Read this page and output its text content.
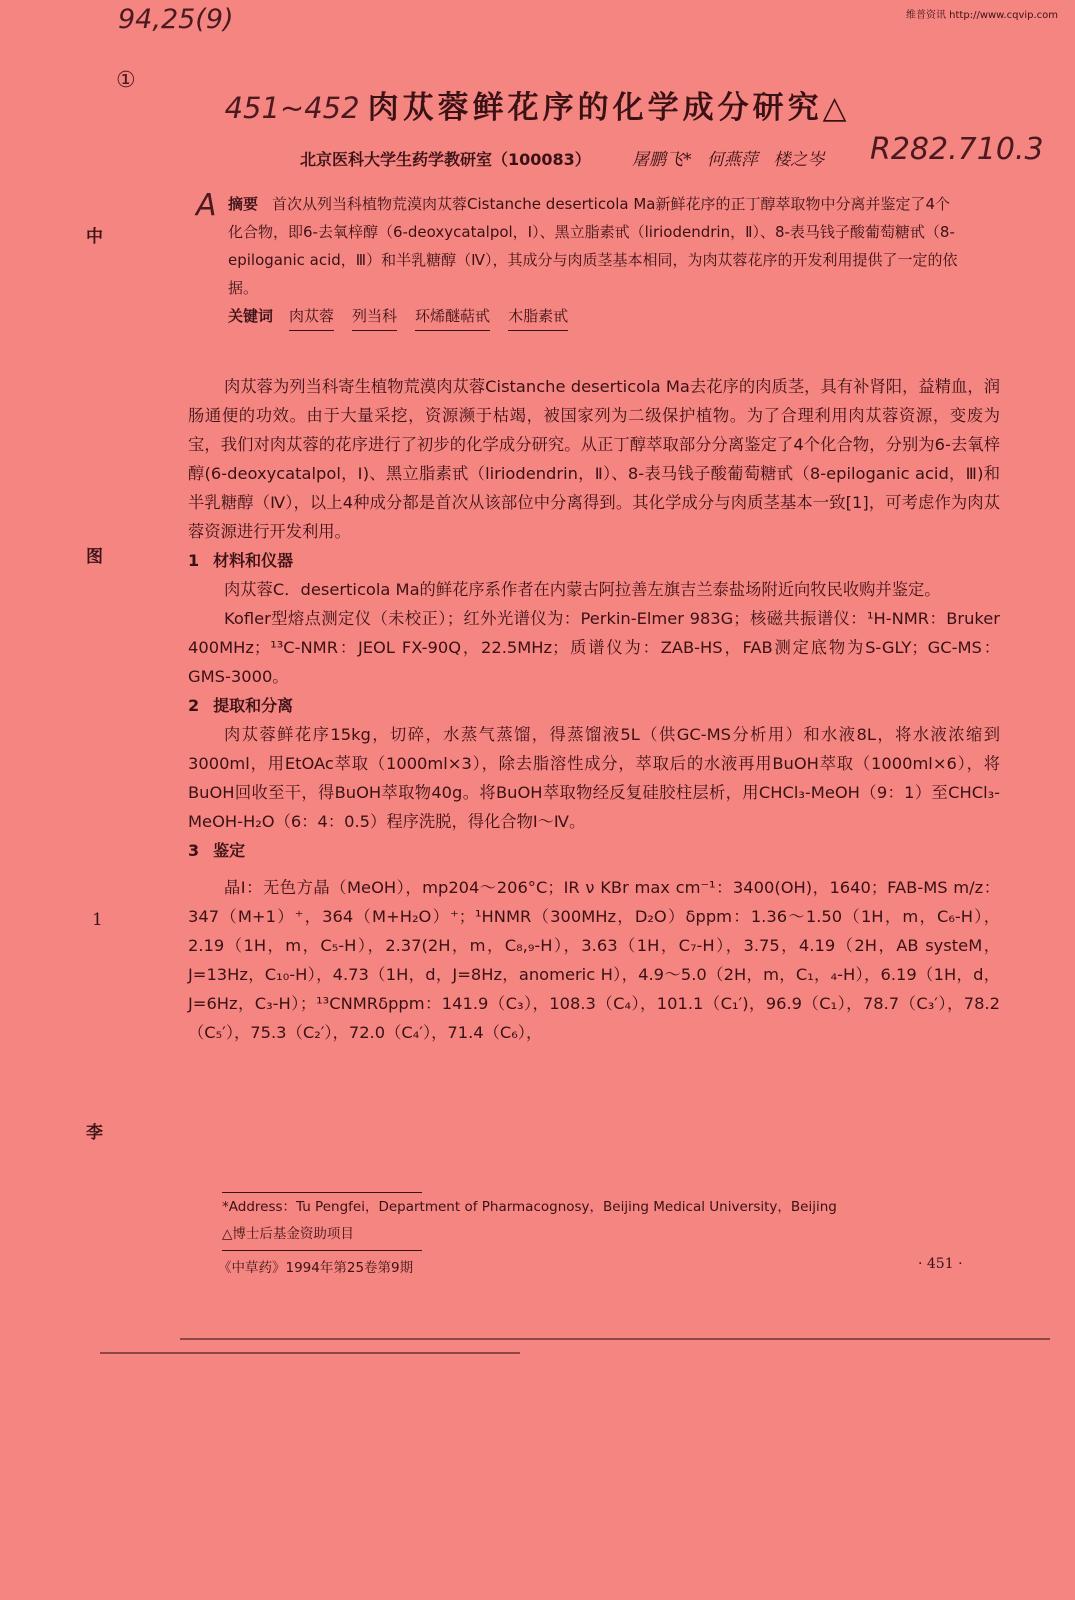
维普资讯 http://www.cqvip.com
94,25(9)
①
A
R282.710.3
451~452 肉苁蓉鲜花序的化学成分研究△
北京医科大学生药学教研室（100083） 屠鹏飞* 何燕萍 楼之岑
摘要 首次从列当科植物荒漠肉苁蓉Cistanche deserticola Ma新鲜花序的正丁醇萃取物中分离并鉴定了4个化合物，即6-去氧梓醇（6-deoxycatalpol，Ⅰ）、黑立脂素甙（liriodendrin，Ⅱ）、8-表马钱子酸葡萄糖甙（8-epiloganic acid，Ⅲ）和半乳糖醇（Ⅳ），其成分与肉质茎基本相同，为肉苁蓉花序的开发利用提供了一定的依据。
关键词 肉苁蓉 列当科 环烯醚萜甙 木脂素甙
中
图
1
李

肉苁蓉为列当科寄生植物荒漠肉苁蓉Cistanche deserticola Ma去花序的肉质茎，具有补肾阳，益精血，润肠通便的功效。由于大量采挖，资源濒于枯竭，被国家列为二级保护植物。为了合理利用肉苁蓉资源，变废为宝，我们对肉苁蓉的花序进行了初步的化学成分研究。从正丁醇萃取部分分离鉴定了4个化合物，分别为6-去氧梓醇(6-deoxycatalpol，Ⅰ)、黑立脂素甙（liriodendrin，Ⅱ）、8-表马钱子酸葡萄糖甙（8-epiloganic acid，Ⅲ)和半乳糖醇（Ⅳ），以上4种成分都是首次从该部位中分离得到。其化学成分与肉质茎基本一致[1]，可考虑作为肉苁蓉资源进行开发利用。

1 材料和仪器

肉苁蓉C．deserticola Ma的鲜花序系作者在内蒙古阿拉善左旗吉兰泰盐场附近向牧民收购并鉴定。

Kofler型熔点测定仪（未校正）；红外光谱仪为：Perkin-Elmer 983G；核磁共振谱仪：¹H-NMR：Bruker 400MHz；¹³C-NMR：JEOL FX-90Q，22.5MHz；质谱仪为：ZAB-HS，FAB测定底物为S-GLY；GC-MS：GMS-3000。

2 提取和分离

肉苁蓉鲜花序15kg，切碎，水蒸气蒸馏，得蒸馏液5L（供GC-MS分析用）和水液8L，将水液浓缩到3000ml，用EtOAc萃取（1000ml×3），除去脂溶性成分，萃取后的水液再用BuOH萃取（1000ml×6），将BuOH回收至干，得BuOH萃取物40g。将BuOH萃取物经反复硅胶柱层析，用CHCl₃-MeOH（9：1）至CHCl₃-MeOH-H₂O（6：4：0.5）程序洗脱，得化合物Ⅰ～Ⅳ。

3 鉴定

晶Ⅰ：无色方晶（MeOH），mp204～206°C；IR ν KBr max cm⁻¹：3400(OH)，1640；FAB-MS m/z：347（M+1）⁺，364（M+H₂O）⁺；¹HNMR（300MHz，D₂O）δppm：1.36～1.50（1H，m，C₆-H），2.19（1H，m，C₅-H），2.37(2H，m，C₈,₉-H），3.63（1H，C₇-H），3.75，4.19（2H，AB systeM，J=13Hz，C₁₀-H），4.73（1H，d，J=8Hz，anomeric H），4.9～5.0（2H，m，C₁，₄-H），6.19（1H，d，J=6Hz，C₃-H）；¹³CNMRδppm：141.9（C₃），108.3（C₄），101.1（C₁′)，96.9（C₁），78.7（C₃′），78.2（C₅′），75.3（C₂′），72.0（C₄′），71.4（C₆），

*Address：Tu Pengfei，Department of Pharmacognosy，Beijing Medical University，Beijing
△博士后基金资助项目
《中草药》1994年第25卷第9期	· 451 ·
